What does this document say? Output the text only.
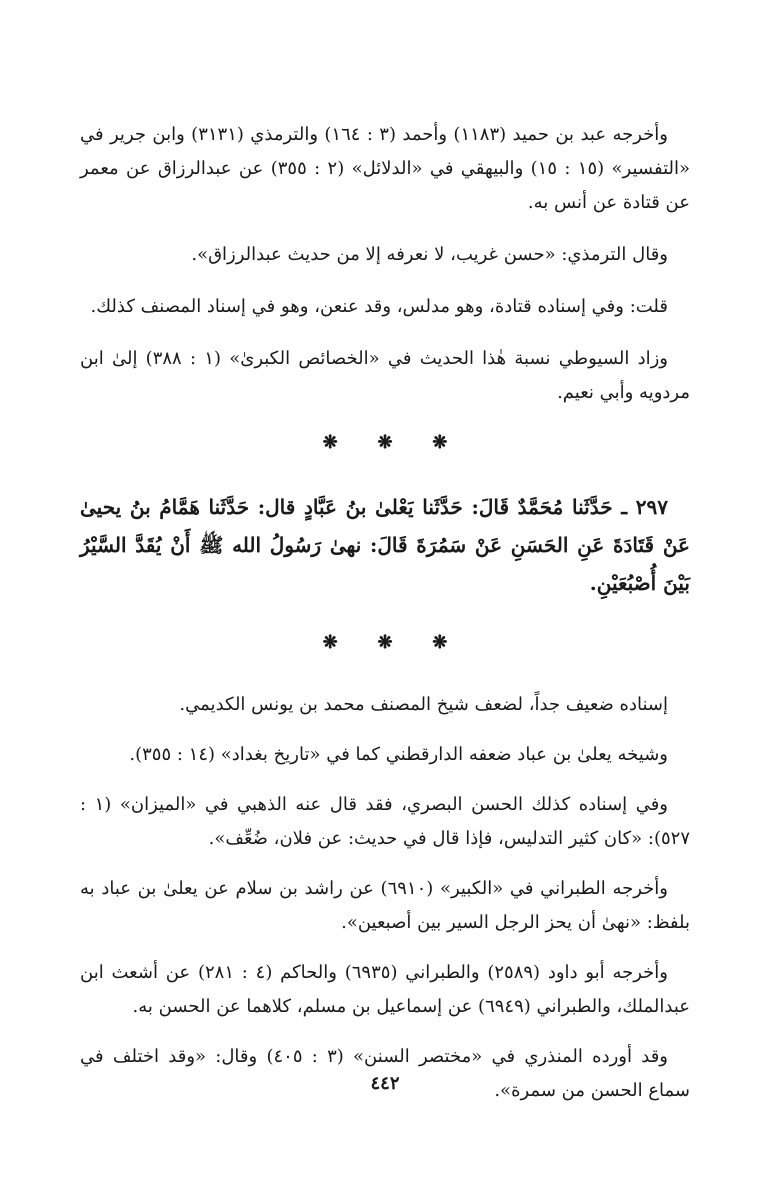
وأخرجه عبد بن حميد (١١٨٣) وأحمد (٣ : ١٦٤) والترمذي (٣١٣١) وابن جرير في «التفسير» (١٥ : ١٥) والبيهقي في «الدلائل» (٢ : ٣٥٥) عن عبدالرزاق عن معمر عن قتادة عن أنس به.

وقال الترمذي: «حسن غريب، لا نعرفه إلا من حديث عبدالرزاق».

قلت: وفي إسناده قتادة، وهو مدلس، وقد عنعن، وهو في إسناد المصنف كذلك.

وزاد السيوطي نسبة هٰذا الحديث في «الخصائص الكبرىٰ» (١ : ٣٨٨) إلىٰ ابن مردويه وأبي نعيم.

❋ ❋ ❋

٢٩٧ ـ حَدَّثَنا مُحَمَّدٌ قَالَ: حَدَّثَنا يَعْلىٰ بنُ عَبَّادٍ قال: حَدَّثَنا هَمَّامُ بنُ يحيىٰ عَنْ قَتَادَةَ عَنِ الحَسَنِ عَنْ سَمُرَةَ قَالَ: نهىٰ رَسُولُ الله ﷺ أَنْ يُقَدَّ السَّيْرُ بَيْنَ أُصْبُعَيْنِ.

❋ ❋ ❋

إسناده ضعيف جداً، لضعف شيخ المصنف محمد بن يونس الكديمي.

وشيخه يعلىٰ بن عباد ضعفه الدارقطني كما في «تاريخ بغداد» (١٤ : ٣٥٥).

وفي إسناده كذلك الحسن البصري، فقد قال عنه الذهبي في «الميزان» (١ : ٥٢٧): «كان كثير التدليس، فإذا قال في حديث: عن فلان، ضُعِّف».

وأخرجه الطبراني في «الكبير» (٦٩١٠) عن راشد بن سلام عن يعلىٰ بن عباد به بلفظ: «نهىٰ أن يحز الرجل السير بين أصبعين».

وأخرجه أبو داود (٢٥٨٩) والطبراني (٦٩٣٥) والحاكم (٤ : ٢٨١) عن أشعث ابن عبدالملك، والطبراني (٦٩٤٩) عن إسماعيل بن مسلم، كلاهما عن الحسن به.

وقد أورده المنذري في «مختصر السنن» (٣ : ٤٠٥) وقال: «وقد اختلف في سماع الحسن من سمرة».

٤٤٢
